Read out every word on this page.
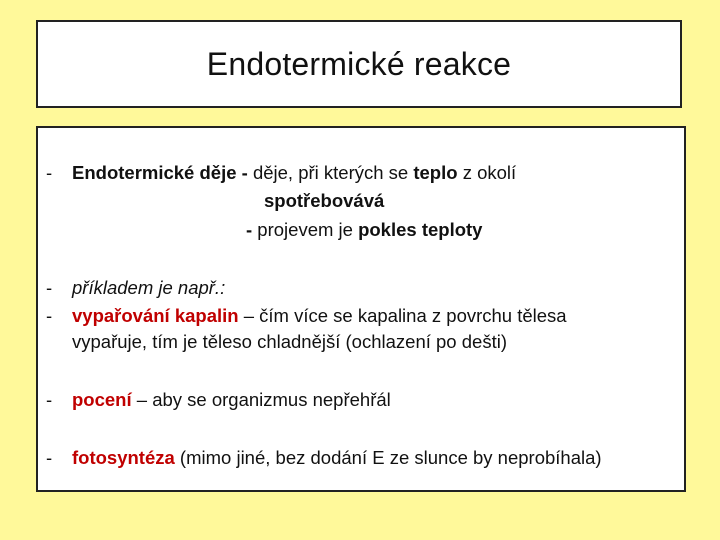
Endotermické reakce
- Endotermické děje - děje, při kterých se teplo z okolí
spotřebovává
- projevem je pokles teploty
- příkladem je např.:
- vypařování kapalin – čím více se kapalina z povrchu tělesa
vypařuje, tím je těleso chladnější (ochlazení po dešti)
- pocení – aby se organizmus nepřehřál
- fotosyntéza (mimo jiné, bez dodání E ze slunce by neprobíhala)
